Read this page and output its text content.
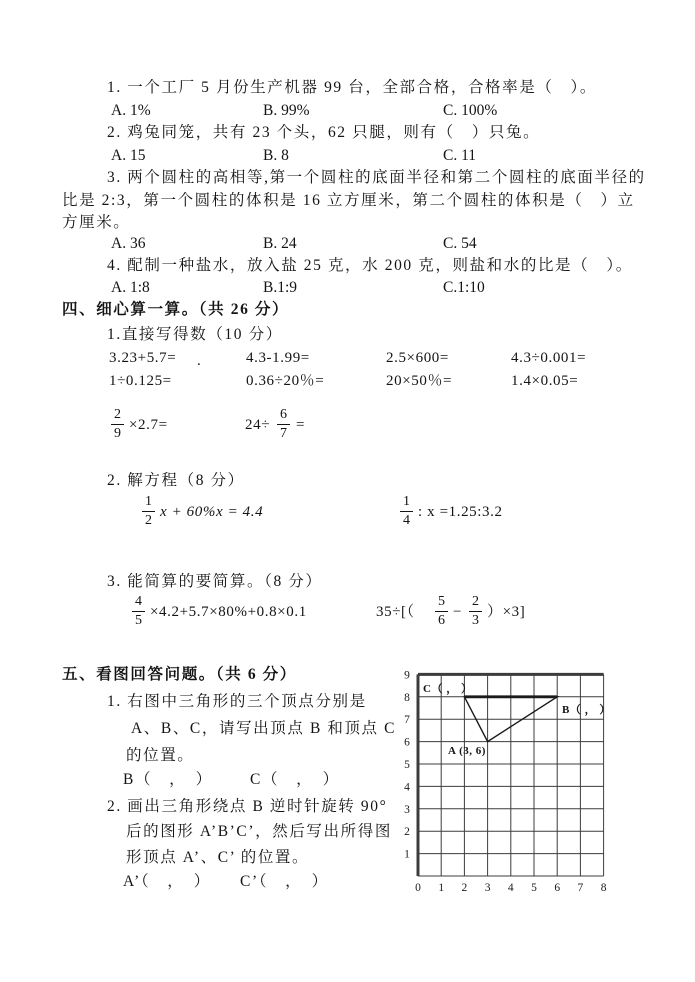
1. 一个工厂 5 月份生产机器 99 台，全部合格，合格率是（　）。
A. 1%	B. 99%	C. 100%
2. 鸡兔同笼，共有 23 个头，62 只腿，则有（　）只兔。
A. 15	B. 8	C. 11
3. 两个圆柱的高相等,第一个圆柱的底面半径和第二个圆柱的底面半径的
比是 2:3，第一个圆柱的体积是 16 立方厘米，第二个圆柱的体积是（　）立
方厘米。
A. 36	B. 24	C. 54
4. 配制一种盐水，放入盐 25 克，水 200 克，则盐和水的比是（　）。
A. 1:8	B.1:9	C.1:10
四、细心算一算。（共 26 分）
1.直接写得数（10 分）
3.23+5.7= .	4.3-1.99=	2.5×600=	4.3÷0.001=
1÷0.125=	0.36÷20％=	20×50％=	1.4×0.05=
$\frac{2}{9} \times 2.7=$	$24\div \frac{6}{7}$ =
2. 解方程（8 分）
$\frac{1}{2}$ x + 60%x = 4.4	$\frac{1}{4}$ : x =1.25:3.2
3. 能简算的要简算。（8 分）
$\frac{4}{5} \times 4.2+5.7\times 80\%+0.8\times 0.1$	$35\div[( \frac{5}{6} - \frac{2}{3} )\times 3]$
五、看图回答问题。（共 6 分）
1. 右图中三角形的三个顶点分别是
A、B、C，请写出顶点 B 和顶点 C
的位置。
B（　，　） C（　，　）
2. 画出三角形绕点 B 逆时针旋转 90°
后的图形 A’B’C’，然后写出所得图
形顶点 A’、C’ 的位置。
A’（　，　） C’（　，　）	0 1 2 3 4 5 6 7 8
9
8
7
6
5
4
3
2
1
C（ ， ）
B（ ， ）
A (3, 6)
